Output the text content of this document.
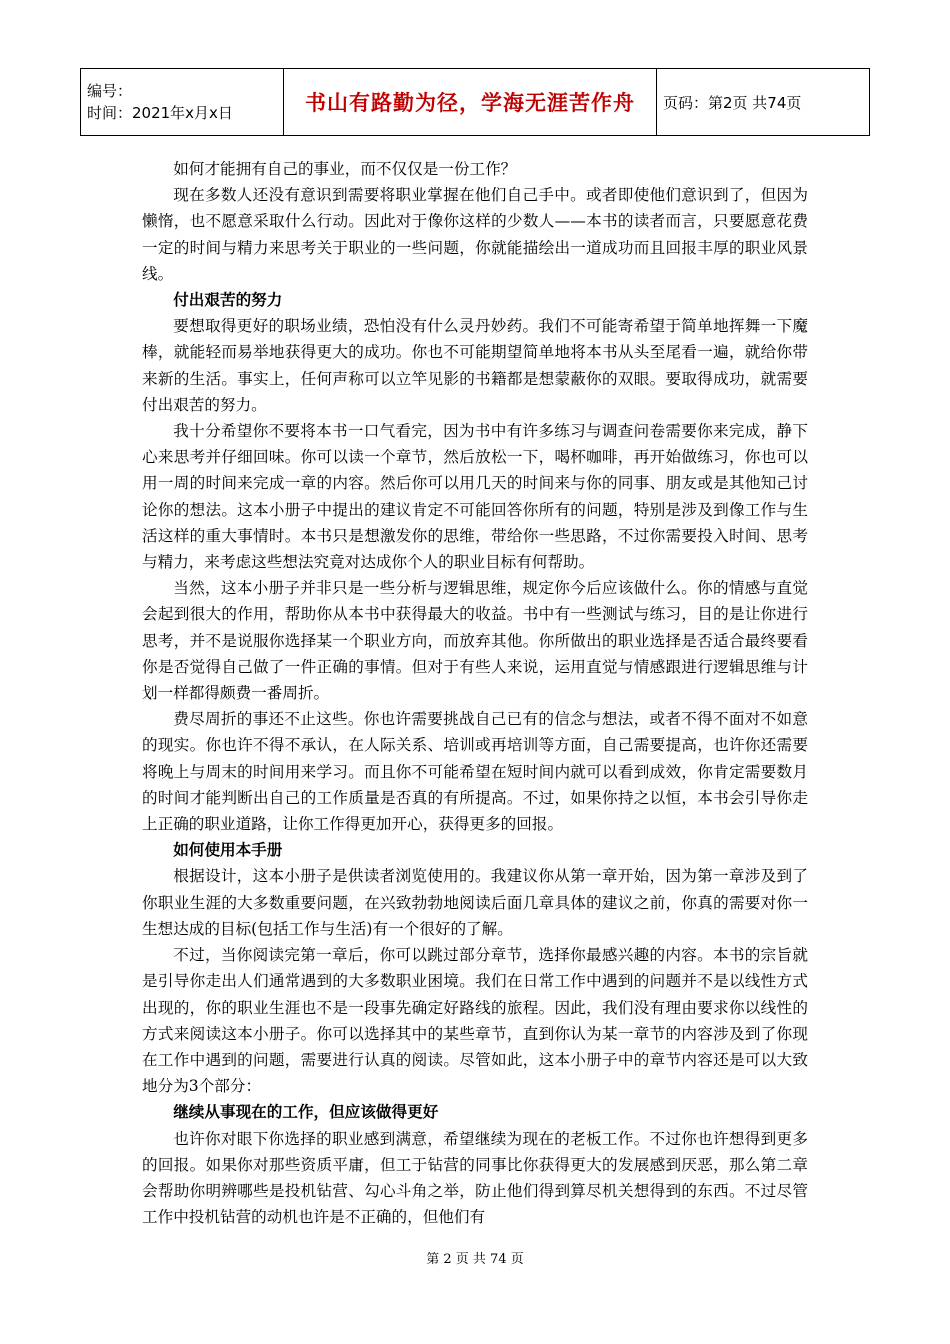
编号：
时间：2021年x月x日	书山有路勤为径，学海无涯苦作舟	页码：第2页 共74页

如何才能拥有自己的事业，而不仅仅是一份工作？

现在多数人还没有意识到需要将职业掌握在他们自己手中。或者即使他们意识到了，但因为懒惰，也不愿意采取什么行动。因此对于像你这样的少数人——本书的读者而言，只要愿意花费一定的时间与精力来思考关于职业的一些问题，你就能描绘出一道成功而且回报丰厚的职业风景线。

付出艰苦的努力

要想取得更好的职场业绩，恐怕没有什么灵丹妙药。我们不可能寄希望于简单地挥舞一下魔棒，就能轻而易举地获得更大的成功。你也不可能期望简单地将本书从头至尾看一遍，就给你带来新的生活。事实上，任何声称可以立竿见影的书籍都是想蒙蔽你的双眼。要取得成功，就需要付出艰苦的努力。

我十分希望你不要将本书一口气看完，因为书中有许多练习与调查问卷需要你来完成，静下心来思考并仔细回味。你可以读一个章节，然后放松一下，喝杯咖啡，再开始做练习，你也可以用一周的时间来完成一章的内容。然后你可以用几天的时间来与你的同事、朋友或是其他知己讨论你的想法。这本小册子中提出的建议肯定不可能回答你所有的问题，特别是涉及到像工作与生活这样的重大事情时。本书只是想激发你的思维，带给你一些思路，不过你需要投入时间、思考与精力，来考虑这些想法究竟对达成你个人的职业目标有何帮助。

当然，这本小册子并非只是一些分析与逻辑思维，规定你今后应该做什么。你的情感与直觉会起到很大的作用，帮助你从本书中获得最大的收益。书中有一些测试与练习，目的是让你进行思考，并不是说服你选择某一个职业方向，而放弃其他。你所做出的职业选择是否适合最终要看你是否觉得自己做了一件正确的事情。但对于有些人来说，运用直觉与情感跟进行逻辑思维与计划一样都得颇费一番周折。

费尽周折的事还不止这些。你也许需要挑战自己已有的信念与想法，或者不得不面对不如意的现实。你也许不得不承认，在人际关系、培训或再培训等方面，自己需要提高，也许你还需要将晚上与周末的时间用来学习。而且你不可能希望在短时间内就可以看到成效，你肯定需要数月的时间才能判断出自己的工作质量是否真的有所提高。不过，如果你持之以恒，本书会引导你走上正确的职业道路，让你工作得更加开心，获得更多的回报。

如何使用本手册

根据设计，这本小册子是供读者浏览使用的。我建议你从第一章开始，因为第一章涉及到了你职业生涯的大多数重要问题，在兴致勃勃地阅读后面几章具体的建议之前，你真的需要对你一生想达成的目标(包括工作与生活)有一个很好的了解。

不过，当你阅读完第一章后，你可以跳过部分章节，选择你最感兴趣的内容。本书的宗旨就是引导你走出人们通常遇到的大多数职业困境。我们在日常工作中遇到的问题并不是以线性方式出现的，你的职业生涯也不是一段事先确定好路线的旅程。因此，我们没有理由要求你以线性的方式来阅读这本小册子。你可以选择其中的某些章节，直到你认为某一章节的内容涉及到了你现在工作中遇到的问题，需要进行认真的阅读。尽管如此，这本小册子中的章节内容还是可以大致地分为3个部分：

继续从事现在的工作，但应该做得更好

也许你对眼下你选择的职业感到满意，希望继续为现在的老板工作。不过你也许想得到更多的回报。如果你对那些资质平庸，但工于钻营的同事比你获得更大的发展感到厌恶，那么第二章会帮助你明辨哪些是投机钻营、勾心斗角之举，防止他们得到算尽机关想得到的东西。不过尽管工作中投机钻营的动机也许是不正确的，但他们有

第 2 页 共 74 页
